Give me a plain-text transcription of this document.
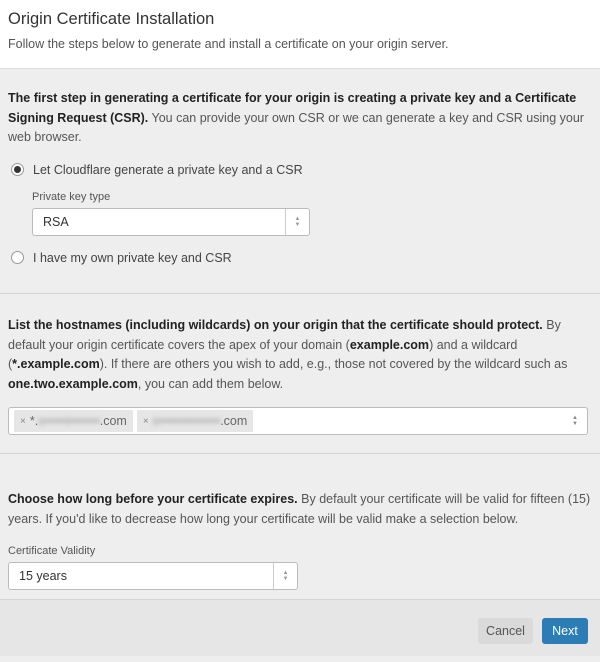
Origin Certificate Installation
Follow the steps below to generate and install a certificate on your origin server.

The first step in generating a certificate for your origin is creating a private key and a Certificate Signing Request (CSR). You can provide your own CSR or we can generate a key and CSR using your web browser.

Let Cloudflare generate a private key and a CSR
Private key type
RSA	▲
▼
I have my own private key and CSR

List the hostnames (including wildcards) on your origin that the certificate should protect. By default your origin certificate covers the apex of your domain (example.com) and a wildcard (*.example.com). If there are others you wish to add, e.g., those not covered by the wildcard such as one.two.example.com, you can add them below.

× *. s•••••i••••••• .com × s•••••••••••••• .com	▲
▼

Choose how long before your certificate expires. By default your certificate will be valid for fifteen (15) years. If you'd like to decrease how long your certificate will be valid make a selection below.

Certificate Validity
15 years	▲
▼
Cancel	Next
